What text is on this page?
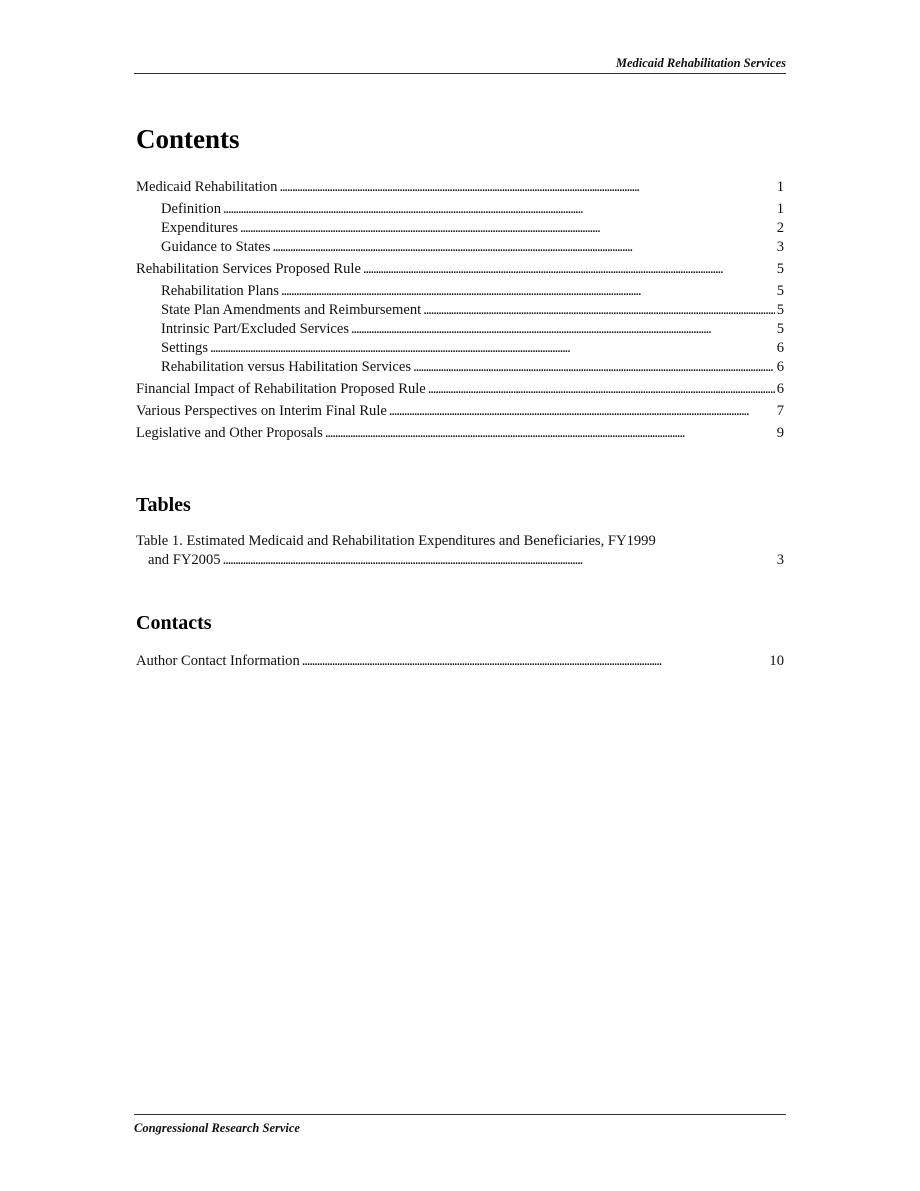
Medicaid Rehabilitation Services
Contents
Medicaid Rehabilitation . . .	1
Definition . . .	1
Expenditures . . .	2
Guidance to States . . .	3
Rehabilitation Services Proposed Rule . . .	5
Rehabilitation Plans . . .	5
State Plan Amendments and Reimbursement . . .	5
Intrinsic Part/Excluded Services . . .	5
Settings . . .	6
Rehabilitation versus Habilitation Services . . .	6
Financial Impact of Rehabilitation Proposed Rule . . .	6
Various Perspectives on Interim Final Rule . . .	7
Legislative and Other Proposals . . .	9
Tables
Table 1. Estimated Medicaid and Rehabilitation Expenditures and Beneficiaries, FY1999
and FY2005 . . .	3
Contacts
Author Contact Information . . .	10
Congressional Research Service
